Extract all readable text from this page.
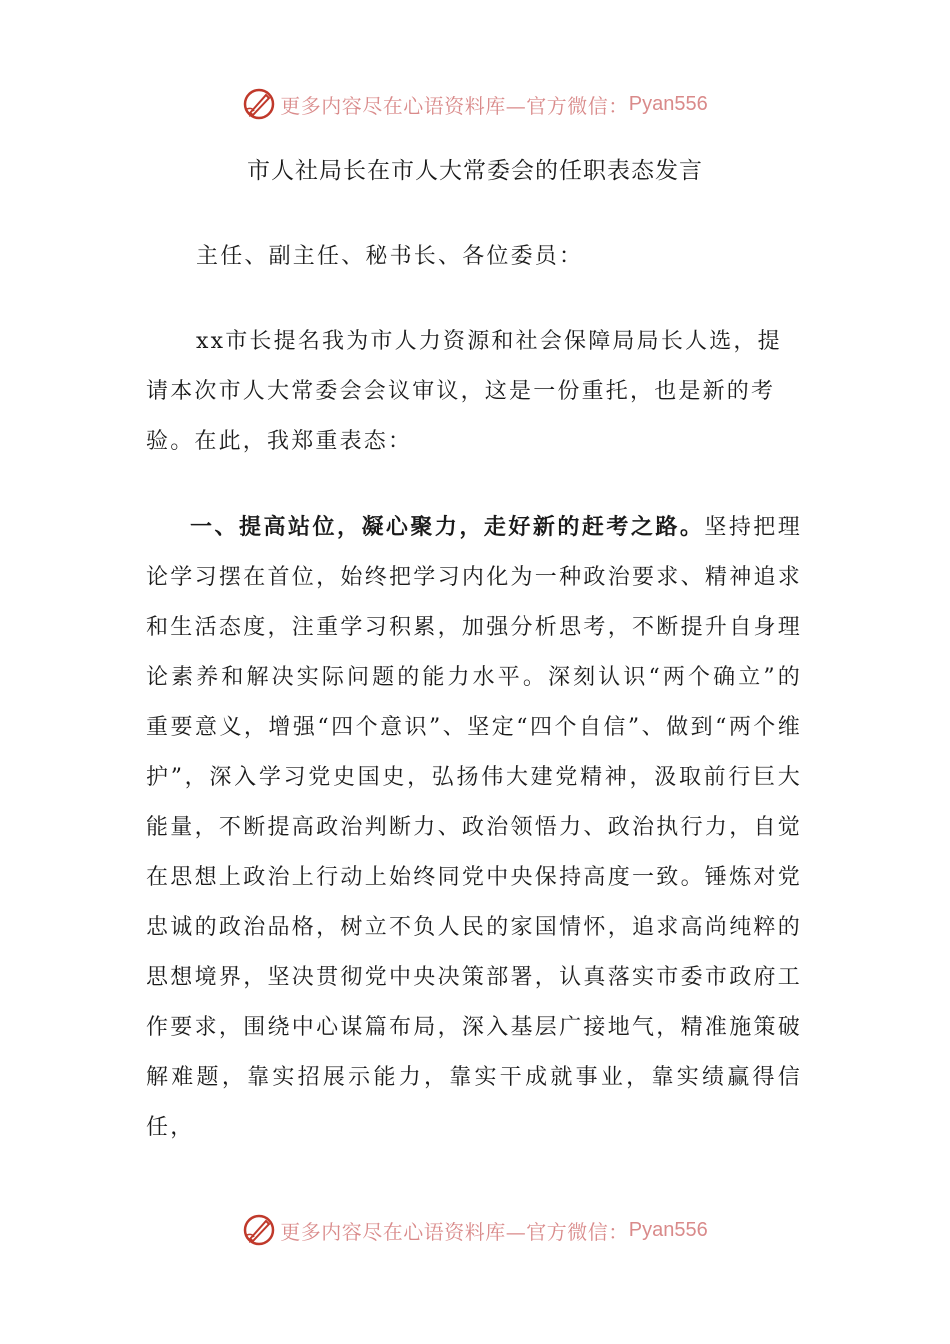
更多内容尽在心语资料库—官方微信： Pyan556
市人社局长在市人大常委会的任职表态发言

主任、副主任、秘书长、各位委员：

xx市长提名我为市人力资源和社会保障局局长人选，提请本次市人大常委会会议审议，这是一份重托，也是新的考验。在此，我郑重表态：

一、提高站位，凝心聚力，走好新的赶考之路。坚持把理论学习摆在首位，始终把学习内化为一种政治要求、精神追求和生活态度，注重学习积累，加强分析思考，不断提升自身理论素养和解决实际问题的能力水平。深刻认识“两个确立”的重要意义，增强“四个意识”、坚定“四个自信”、做到“两个维护”，深入学习党史国史，弘扬伟大建党精神，汲取前行巨大能量，不断提高政治判断力、政治领悟力、政治执行力，自觉在思想上政治上行动上始终同党中央保持高度一致。锤炼对党忠诚的政治品格，树立不负人民的家国情怀，追求高尚纯粹的思想境界，坚决贯彻党中央决策部署，认真落实市委市政府工作要求，围绕中心谋篇布局，深入基层广接地气，精准施策破解难题，靠实招展示能力，靠实干成就事业，靠实绩赢得信任，

更多内容尽在心语资料库—官方微信： Pyan556
